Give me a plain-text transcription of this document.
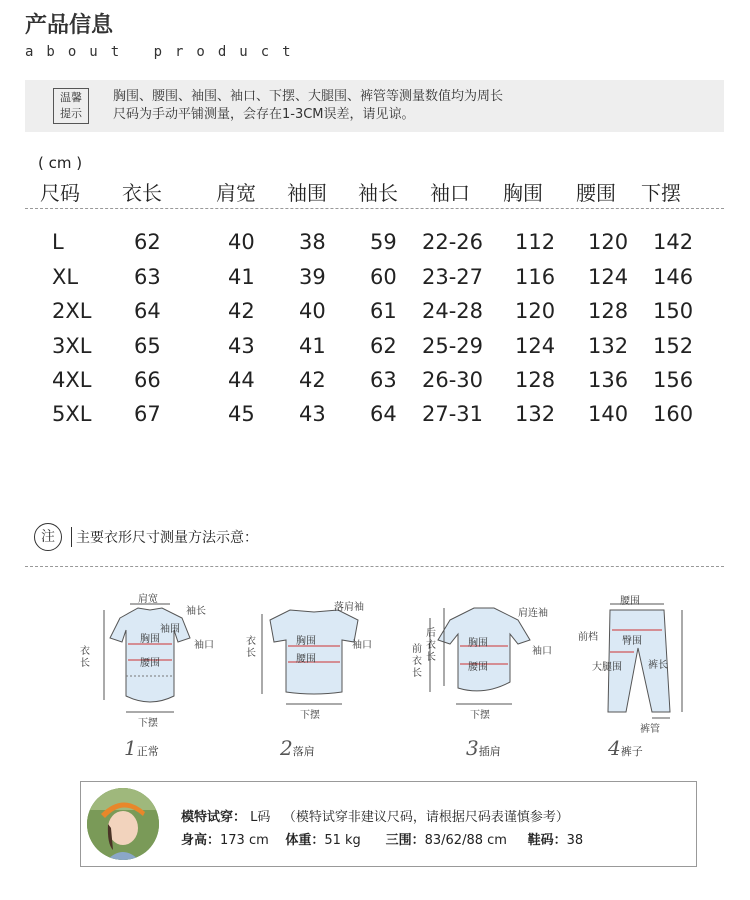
产品信息
about product
温馨
提示
胸围、腰围、袖围、袖口、下摆、大腿围、裤管等测量数值均为周长
尺码为手动平铺测量，会存在1-3CM误差，请见谅。
( cm )
尺码 衣长	肩宽 袖围 袖长 袖口 胸围 腰围 下摆
L	62	40 38 59 22-26 112 120 142
XL	63	41 39 60 23-27 116 124 146
2XL 64	42 40 61 24-28 120 128 150
3XL 65	43 41 62 25-29 124 132 152
4XL 66	44 42 63 26-30 128 136 156
5XL 67	45 43 64 27-31 132 140 160
注	主要衣形尺寸测量方法示意：
肩宽
袖长
袖围
袖口
胸围
腰围
衣长
下摆
1正常
落肩袖
袖口
胸围
腰围
衣长
下摆
2落肩
肩连袖
袖口
胸围
腰围
后衣长
前衣长
下摆
3插肩
腰围
前档 臀围
大腿围	裤长
裤管
4裤子
模特试穿： L码 （模特试穿非建议尺码，请根据尺码表谨慎参考）
身高：173 cm 体重：51 kg 三围：83/62/88 cm 鞋码：38
